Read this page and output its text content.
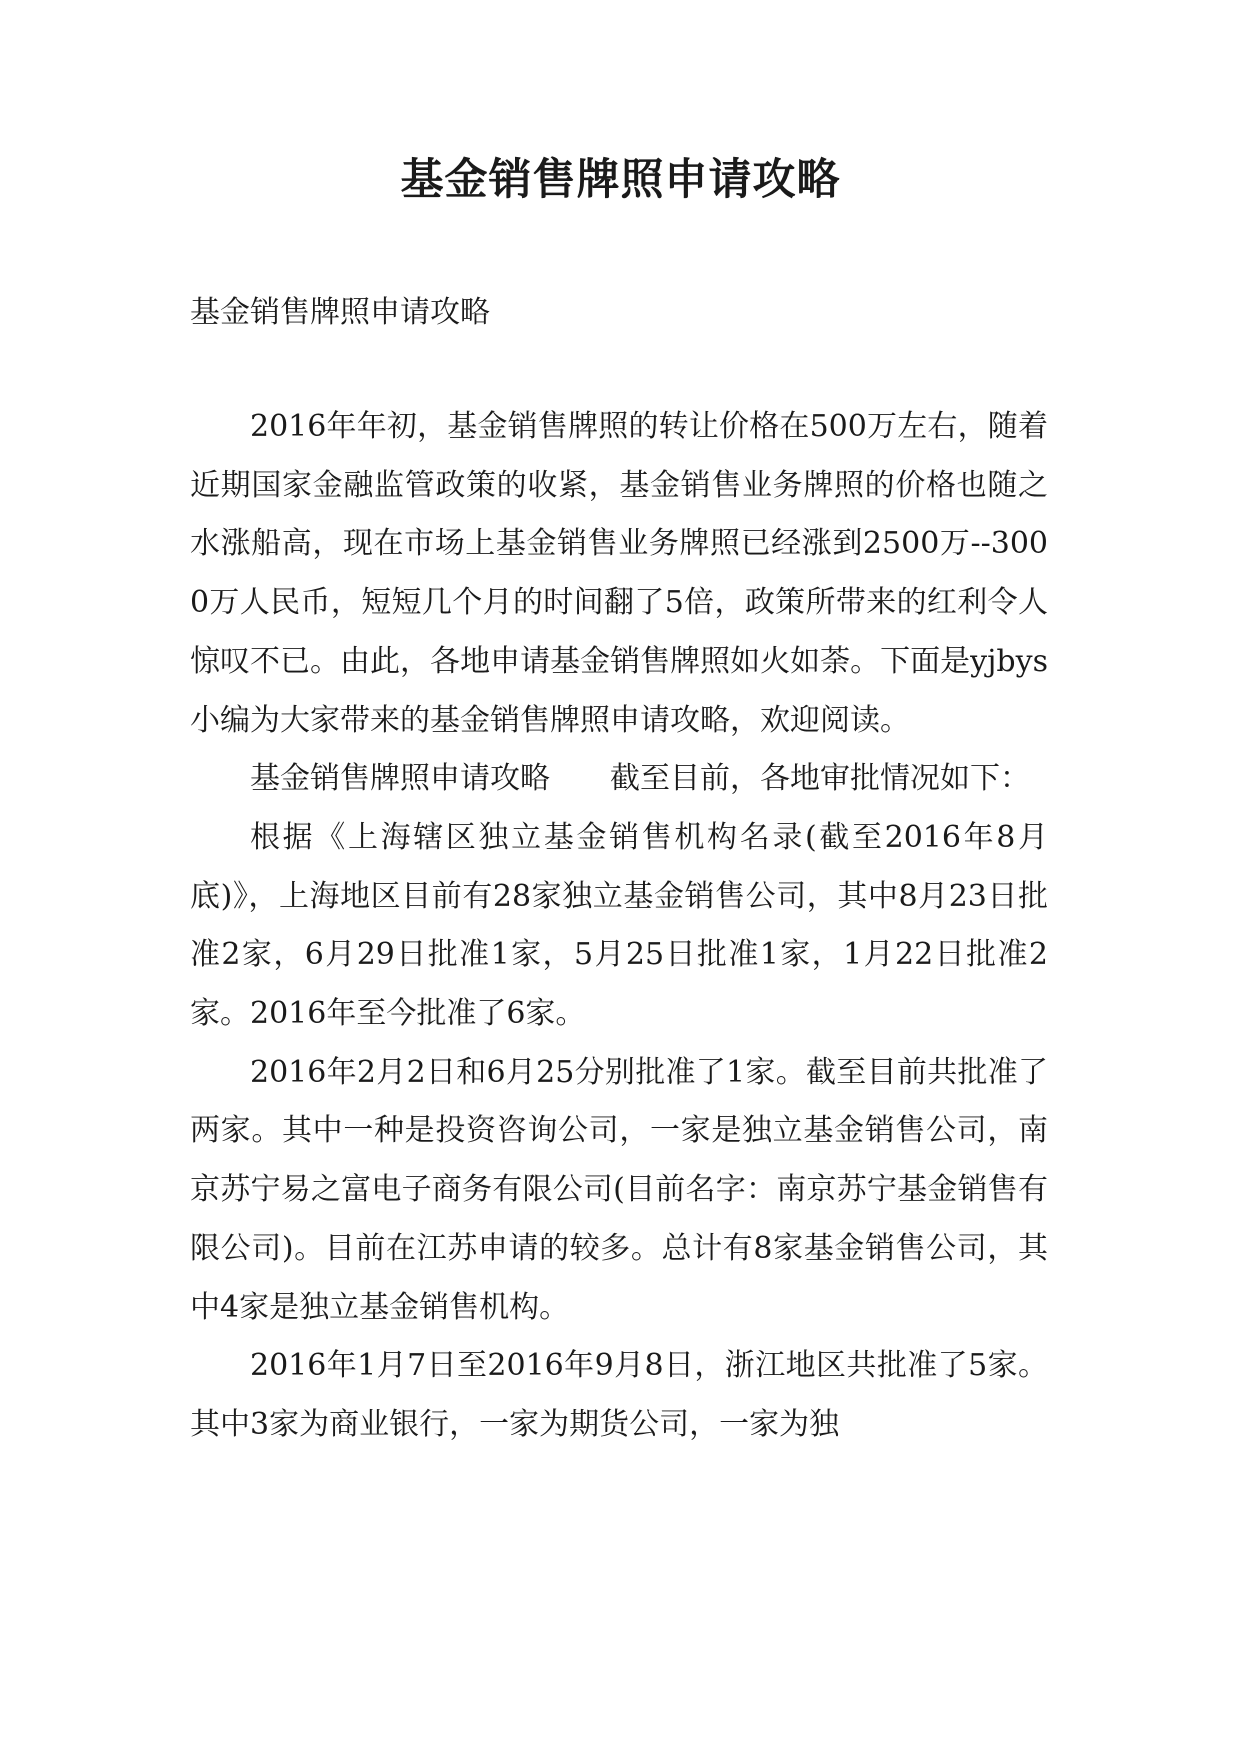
基金销售牌照申请攻略

基金销售牌照申请攻略

2016年年初，基金销售牌照的转让价格在500万左右，随着近期国家金融监管政策的收紧，基金销售业务牌照的价格也随之水涨船高，现在市场上基金销售业务牌照已经涨到2500万--3000万人民币，短短几个月的时间翻了5倍，政策所带来的红利令人惊叹不已。由此，各地申请基金销售牌照如火如荼。下面是yjbys小编为大家带来的基金销售牌照申请攻略，欢迎阅读。

基金销售牌照申请攻略　　截至目前，各地审批情况如下：

根据《上海辖区独立基金销售机构名录(截至2016年8月底)》，上海地区目前有28家独立基金销售公司，其中8月23日批准2家，6月29日批准1家，5月25日批准1家，1月22日批准2家。2016年至今批准了6家。

2016年2月2日和6月25分别批准了1家。截至目前共批准了两家。其中一种是投资咨询公司，一家是独立基金销售公司，南京苏宁易之富电子商务有限公司(目前名字：南京苏宁基金销售有限公司)。目前在江苏申请的较多。总计有8家基金销售公司，其中4家是独立基金销售机构。

2016年1月7日至2016年9月8日，浙江地区共批准了5家。其中3家为商业银行，一家为期货公司，一家为独
